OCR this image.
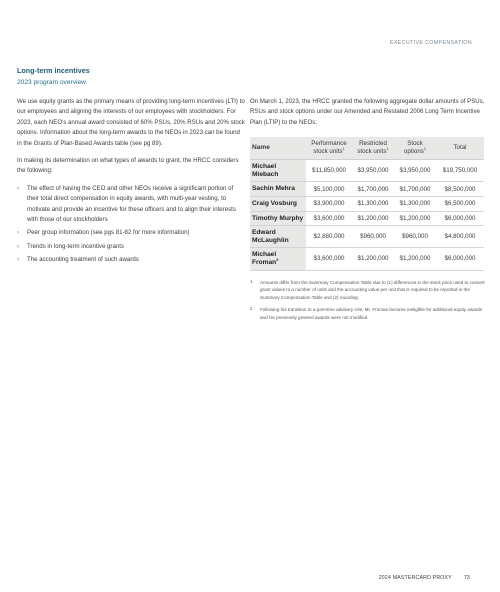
EXECUTIVE COMPENSATION
Long-term incentives
2023 program overview

We use equity grants as the primary means of providing long-term incentives (LTI) to our employees and aligning the interests of our employees with stockholders. For 2023, each NEO’s annual award consisted of 60% PSUs, 20% RSUs and 20% stock options. Information about the long-term awards to the NEOs in 2023 can be found in the Grants of Plan-Based Awards table (see pg 89).

In making its determination on what types of awards to grant, the HRCC considers the following:

› The effect of having the CEO and other NEOs receive a significant portion of their total direct compensation in equity awards, with multi-year vesting, to motivate and provide an incentive for these officers and to align their interests with those of our stockholders
› Peer group information (see pgs 81-82 for more information)
› Trends in long-term incentive grants
› The accounting treatment of such awards

On March 1, 2023, the HRCC granted the following aggregate dollar amounts of PSUs, RSUs and stock options under our Amended and Restated 2006 Long Term Incentive Plan (LTIP) to the NEOs:

Name	Performance stock units$^1$	Restricted stock units$^1$	Stock options$^1$	Total
Michael Miebach	$11,850,000	$3,950,000	$3,950,000	$19,750,000
Sachin Mehra	$5,100,000	$1,700,000	$1,700,000	$8,500,000
Craig Vosburg	$3,900,000	$1,300,000	$1,300,000	$6,500,000
Timothy Murphy	$3,600,000	$1,200,000	$1,200,000	$6,000,000
Edward McLaughlin	$2,880,000	$960,000	$960,000	$4,800,000
Michael Froman$^2$	$3,600,000	$1,200,000	$1,200,000	$6,000,000

1 Amounts differ from the Summary Compensation Table due to (1) differences in the stock price used to convert grant values to a number of units and the accounting value per unit that is required to be reported in the Summary Compensation Table and (2) rounding.

2 Following his transition to a part-time advisory role, Mr. Froman became ineligible for additional equity awards and his previously granted awards were not modified.

2024 MASTERCARD PROXY 73
